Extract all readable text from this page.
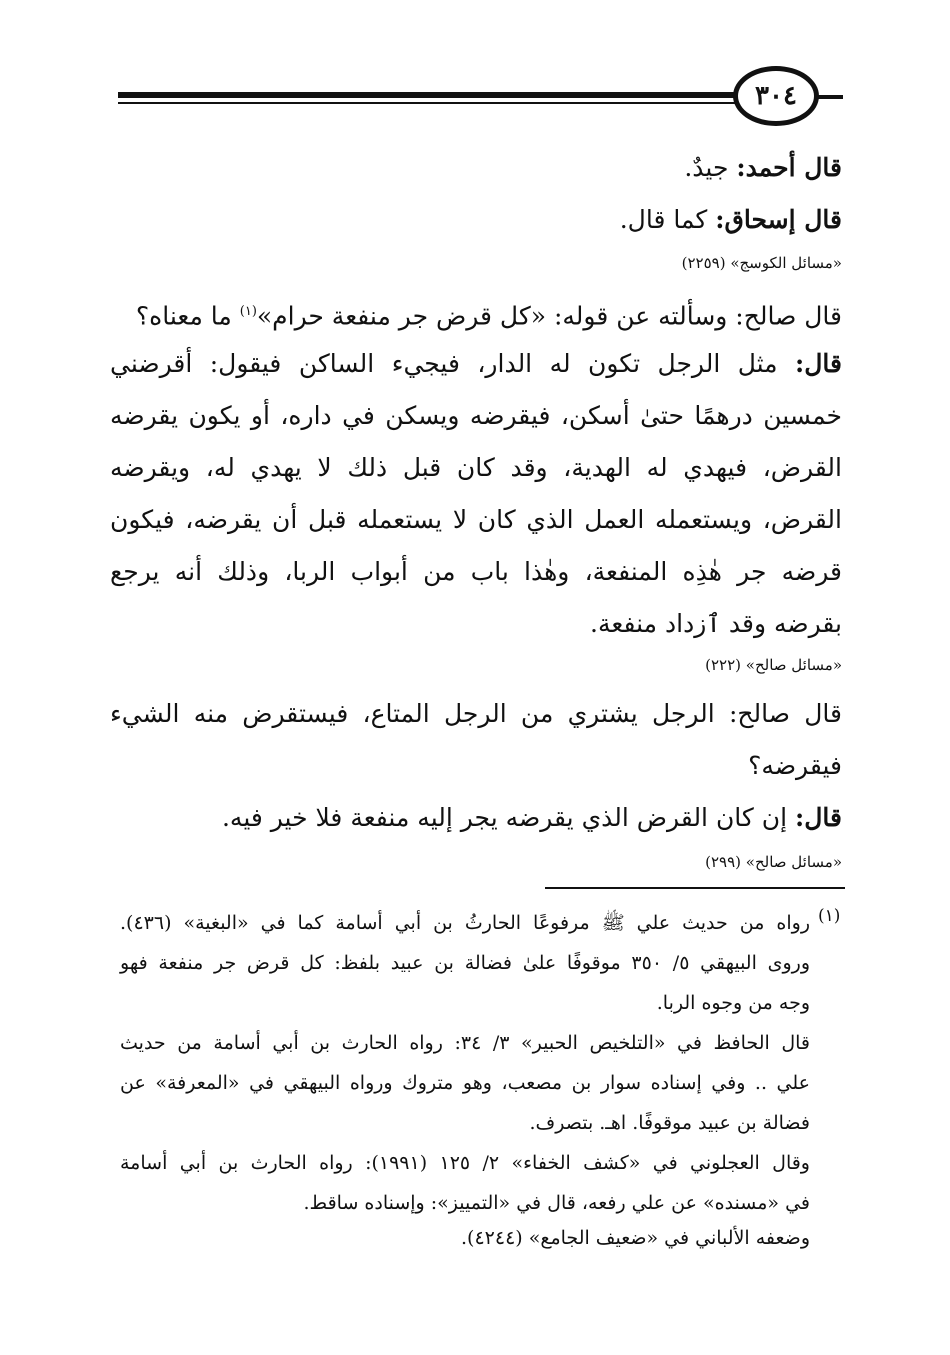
٣٠٤
قال أحمد: جيدٌ.
قال إسحاق: كما قال.
«مسائل الكوسج» (٢٢٥٩)
قال صالح: وسألته عن قوله: «كل قرض جر منفعة حرام»$^{(١)}$ ما معناه؟
قال: مثل الرجل تكون له الدار، فيجيء الساكن فيقول: أقرضني
خمسين درهمًا حتىٰ أسكن، فيقرضه ويسكن في داره، أو يكون يقرضه
القرض، فيهدي له الهدية، وقد كان قبل ذلك لا يهدي له، ويقرضه
القرض، ويستعمله العمل الذي كان لا يستعمله قبل أن يقرضه، فيكون
قرضه جر هٰذِه المنفعة، وهٰذا باب من أبواب الربا، وذلك أنه يرجع
بقرضه وقد ٱزداد منفعة.
«مسائل صالح» (٢٢٢)
قال صالح: الرجل يشتري من الرجل المتاع، فيستقرض منه الشيء
فيقرضه؟
قال: إن كان القرض الذي يقرضه يجر إليه منفعة فلا خير فيه.
«مسائل صالح» (٢٩٩)
(١)
رواه من حديث علي ﷺ مرفوعًا الحارثُ بن أبي أسامة كما في «البغية» (٤٣٦).
وروى البيهقي ٥/ ٣٥٠ موقوفًا علىٰ فضالة بن عبيد بلفظ: كل قرض جر منفعة فهو
وجه من وجوه الربا.
قال الحافظ في «التلخيص الحبير» ٣/ ٣٤: رواه الحارث بن أبي أسامة من حديث
علي .. وفي إسناده سوار بن مصعب، وهو متروك ورواه البيهقي في «المعرفة» عن
فضالة بن عبيد موقوفًا. اهـ. بتصرف.
وقال العجلوني في «كشف الخفاء» ٢/ ١٢٥ (١٩٩١): رواه الحارث بن أبي أسامة
في «مسنده» عن علي رفعه، قال في «التمييز»: وإسناده ساقط.
وضعفه الألباني في «ضعيف الجامع» (٤٢٤٤).
